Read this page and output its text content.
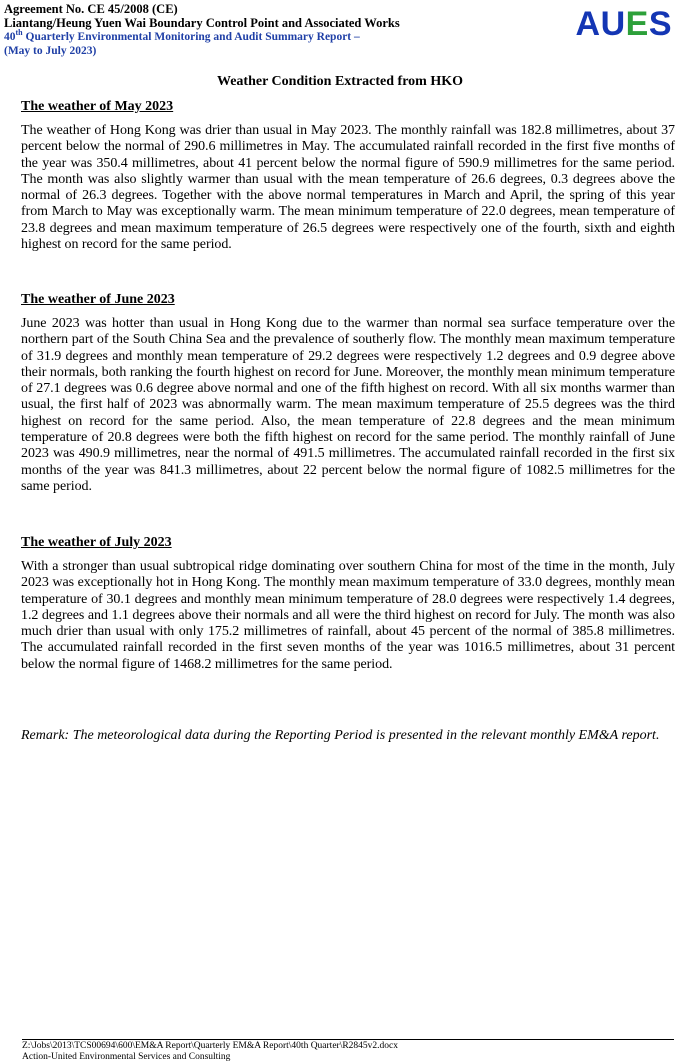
Agreement No. CE 45/2008 (CE)
Liantang/Heung Yuen Wai Boundary Control Point and Associated Works
40th Quarterly Environmental Monitoring and Audit Summary Report –
(May to July 2023)
AUES
Weather Condition Extracted from HKO

The weather of May 2023

The weather of Hong Kong was drier than usual in May 2023. The monthly rainfall was 182.8 millimetres, about 37 percent below the normal of 290.6 millimetres in May. The accumulated rainfall recorded in the first five months of the year was 350.4 millimetres, about 41 percent below the normal figure of 590.9 millimetres for the same period. The month was also slightly warmer than usual with the mean temperature of 26.6 degrees, 0.3 degrees above the normal of 26.3 degrees. Together with the above normal temperatures in March and April, the spring of this year from March to May was exceptionally warm. The mean minimum temperature of 22.0 degrees, mean temperature of 23.8 degrees and mean maximum temperature of 26.5 degrees were respectively one of the fourth, sixth and eighth highest on record for the same period.

The weather of June 2023

June 2023 was hotter than usual in Hong Kong due to the warmer than normal sea surface temperature over the northern part of the South China Sea and the prevalence of southerly flow. The monthly mean maximum temperature of 31.9 degrees and monthly mean temperature of 29.2 degrees were respectively 1.2 degrees and 0.9 degree above their normals, both ranking the fourth highest on record for June. Moreover, the monthly mean minimum temperature of 27.1 degrees was 0.6 degree above normal and one of the fifth highest on record. With all six months warmer than usual, the first half of 2023 was abnormally warm. The mean maximum temperature of 25.5 degrees was the third highest on record for the same period. Also, the mean temperature of 22.8 degrees and the mean minimum temperature of 20.8 degrees were both the fifth highest on record for the same period. The monthly rainfall of June 2023 was 490.9 millimetres, near the normal of 491.5 millimetres. The accumulated rainfall recorded in the first six months of the year was 841.3 millimetres, about 22 percent below the normal figure of 1082.5 millimetres for the same period.

The weather of July 2023

With a stronger than usual subtropical ridge dominating over southern China for most of the time in the month, July 2023 was exceptionally hot in Hong Kong. The monthly mean maximum temperature of 33.0 degrees, monthly mean temperature of 30.1 degrees and monthly mean minimum temperature of 28.0 degrees were respectively 1.4 degrees, 1.2 degrees and 1.1 degrees above their normals and all were the third highest on record for July. The month was also much drier than usual with only 175.2 millimetres of rainfall, about 45 percent of the normal of 385.8 millimetres. The accumulated rainfall recorded in the first seven months of the year was 1016.5 millimetres, about 31 percent below the normal figure of 1468.2 millimetres for the same period.

Remark: The meteorological data during the Reporting Period is presented in the relevant monthly EM&A report.

Z:\Jobs\2013\TCS00694\600\EM&A Report\Quarterly EM&A Report\40th Quarter\R2845v2.docx
Action-United Environmental Services and Consulting
